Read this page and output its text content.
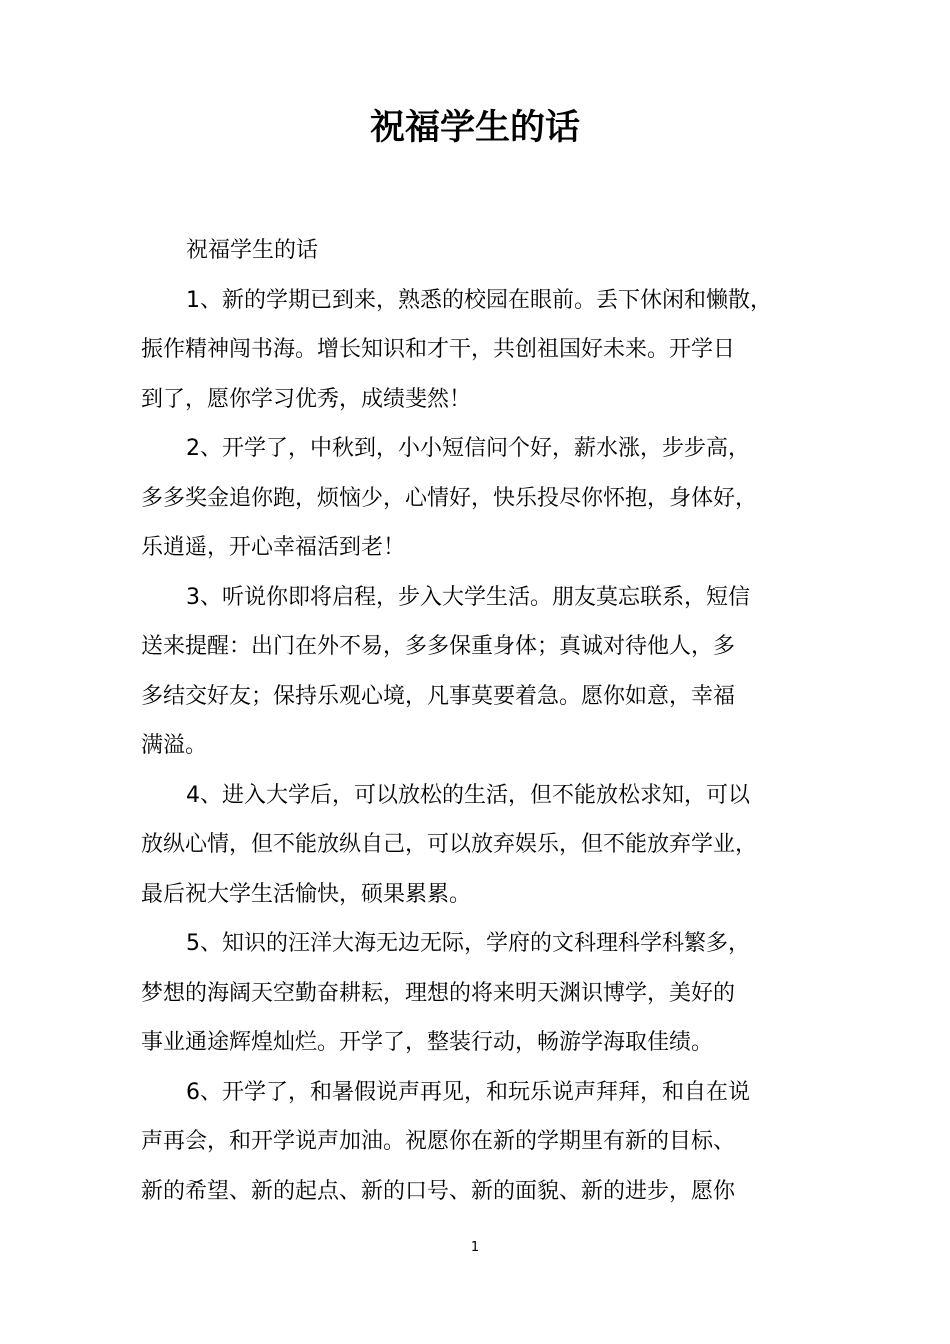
祝福学生的话

祝福学生的话

1、新的学期已到来，熟悉的校园在眼前。丢下休闲和懒散，
振作精神闯书海。增长知识和才干，共创祖国好未来。开学日
到了，愿你学习优秀，成绩斐然！

2、开学了，中秋到，小小短信问个好，薪水涨，步步高，
多多奖金追你跑，烦恼少，心情好，快乐投尽你怀抱，身体好，
乐逍遥，开心幸福活到老！

3、听说你即将启程，步入大学生活。朋友莫忘联系，短信
送来提醒：出门在外不易，多多保重身体；真诚对待他人，多
多结交好友；保持乐观心境，凡事莫要着急。愿你如意，幸福
满溢。

4、进入大学后，可以放松的生活，但不能放松求知，可以
放纵心情，但不能放纵自己，可以放弃娱乐，但不能放弃学业，
最后祝大学生活愉快，硕果累累。

5、知识的汪洋大海无边无际，学府的文科理科学科繁多，
梦想的海阔天空勤奋耕耘，理想的将来明天渊识博学，美好的
事业通途辉煌灿烂。开学了，整装行动，畅游学海取佳绩。

6、开学了，和暑假说声再见，和玩乐说声拜拜，和自在说
声再会，和开学说声加油。祝愿你在新的学期里有新的目标、
新的希望、新的起点、新的口号、新的面貌、新的进步，愿你

1
